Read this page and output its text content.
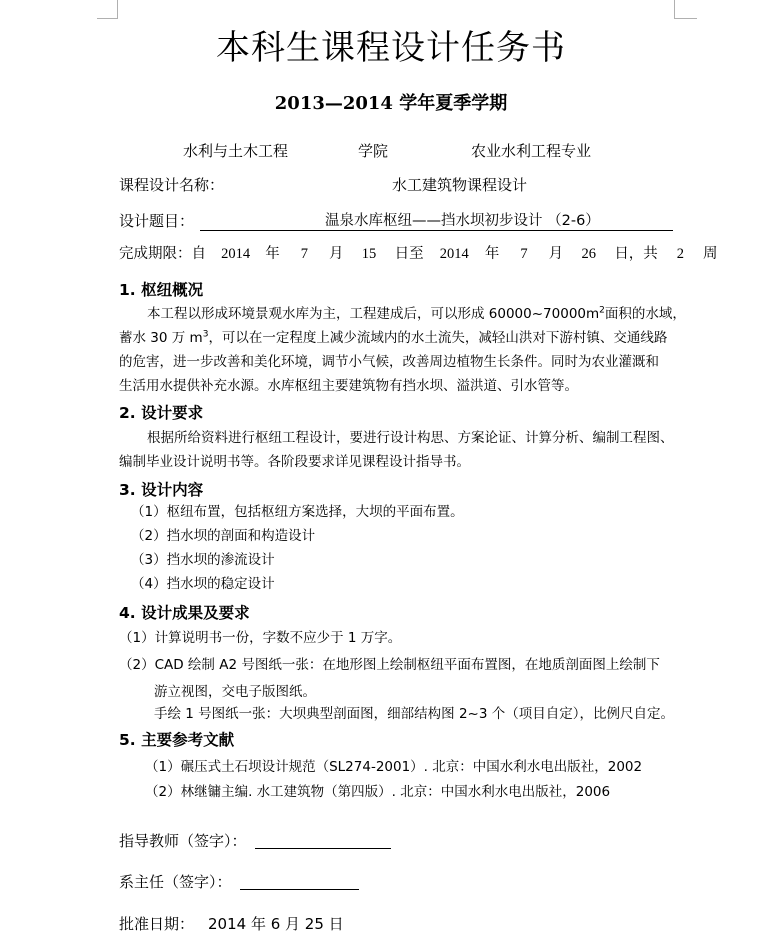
本科生课程设计任务书
2013—2014 学年夏季学期
水利与土木工程	学院	农业水利工程专业
课程设计名称：	水工建筑物课程设计
设计题目：	温泉水库枢纽——挡水坝初步设计 （2-6）
完成期限：自 2014 年 7 月 15 日至 2014 年 7 月 26 日，共 2 周
1. 枢纽概况
本工程以形成环境景观水库为主，工程建成后，可以形成 $60000\sim 70000m^2$面积的水域，
蓄水 30 万 $m^3$，可以在一定程度上减少流域内的水土流失，减轻山洪对下游村镇、交通线路
的危害，进一步改善和美化环境，调节小气候，改善周边植物生长条件。同时为农业灌溉和
生活用水提供补充水源。水库枢纽主要建筑物有挡水坝、溢洪道、引水管等。
2. 设计要求
根据所给资料进行枢纽工程设计，要进行设计构思、方案论证、计算分析、编制工程图、
编制毕业设计说明书等。各阶段要求详见课程设计指导书。
3. 设计内容
（1）枢纽布置，包括枢纽方案选择，大坝的平面布置。
（2）挡水坝的剖面和构造设计
（3）挡水坝的渗流设计
（4）挡水坝的稳定设计
4. 设计成果及要求
（1）计算说明书一份，字数不应少于 1 万字。
（2）CAD 绘制 A2 号图纸一张：在地形图上绘制枢纽平面布置图，在地质剖面图上绘制下
游立视图，交电子版图纸。
手绘 1 号图纸一张：大坝典型剖面图，细部结构图 2~3 个（项目自定），比例尺自定。
5. 主要参考文献
（1）碾压式土石坝设计规范（SL274-2001）. 北京：中国水利水电出版社，2002
（2）林继镛主编. 水工建筑物（第四版）. 北京：中国水利水电出版社，2006
指导教师（签字）：
系主任（签字）：
批准日期： 2014 年 6 月 25 日
